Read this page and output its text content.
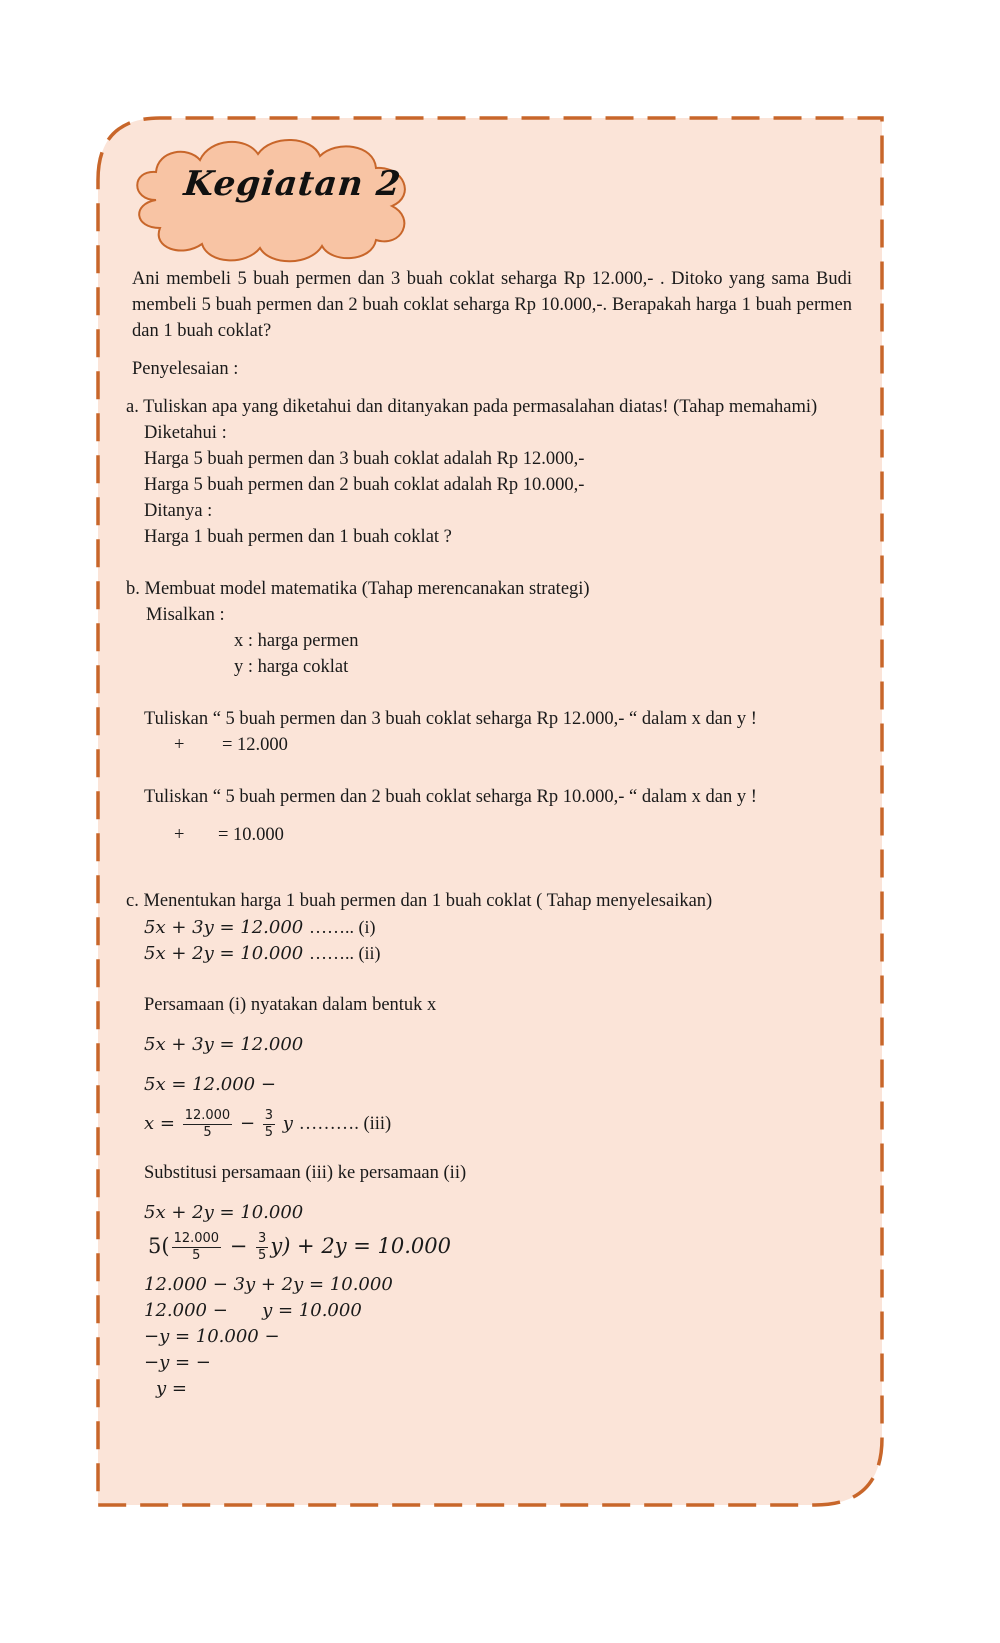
Kegiatan 2
Ani membeli 5 buah permen dan 3 buah coklat seharga Rp 12.000,- . Ditoko yang sama Budi membeli 5 buah permen dan 2 buah coklat seharga Rp 10.000,-. Berapakah harga 1 buah permen dan 1 buah coklat?
Penyelesaian :
a. Tuliskan apa yang diketahui dan ditanyakan pada permasalahan diatas! (Tahap memahami)
Diketahui :
Harga 5 buah permen dan 3 buah coklat adalah Rp 12.000,-
Harga 5 buah permen dan 2 buah coklat adalah Rp 10.000,-
Ditanya :
Harga 1 buah permen dan 1 buah coklat ?
b. Membuat model matematika (Tahap merencanakan strategi)
Misalkan :
x : harga permen
y : harga coklat
Tuliskan “ 5 buah permen dan 3 buah coklat seharga Rp 12.000,- “ dalam x dan y !
+ = 12.000
Tuliskan “ 5 buah permen dan 2 buah coklat seharga Rp 10.000,- “ dalam x dan y !
+ = 10.000
c. Menentukan harga 1 buah permen dan 1 buah coklat ( Tahap menyelesaikan)
5x + 3y = 12.000 …….. (i)
5x + 2y = 10.000 …….. (ii)
Persamaan (i) nyatakan dalam bentuk x
5x + 3y = 12.000
5x = 12.000 −
$x = \frac{12.000}{5} - \frac{3}{5}$ y ………. (iii)
Substitusi persamaan (iii) ke persamaan (ii)
5x + 2y = 10.000
$5( \frac{12.000}{5} - \frac{3}{5} y) + 2y = 10.000$
12.000 − 3y + 2y = 10.000
12.000 −      y = 10.000
−y = 10.000 −
−y = −
y =
